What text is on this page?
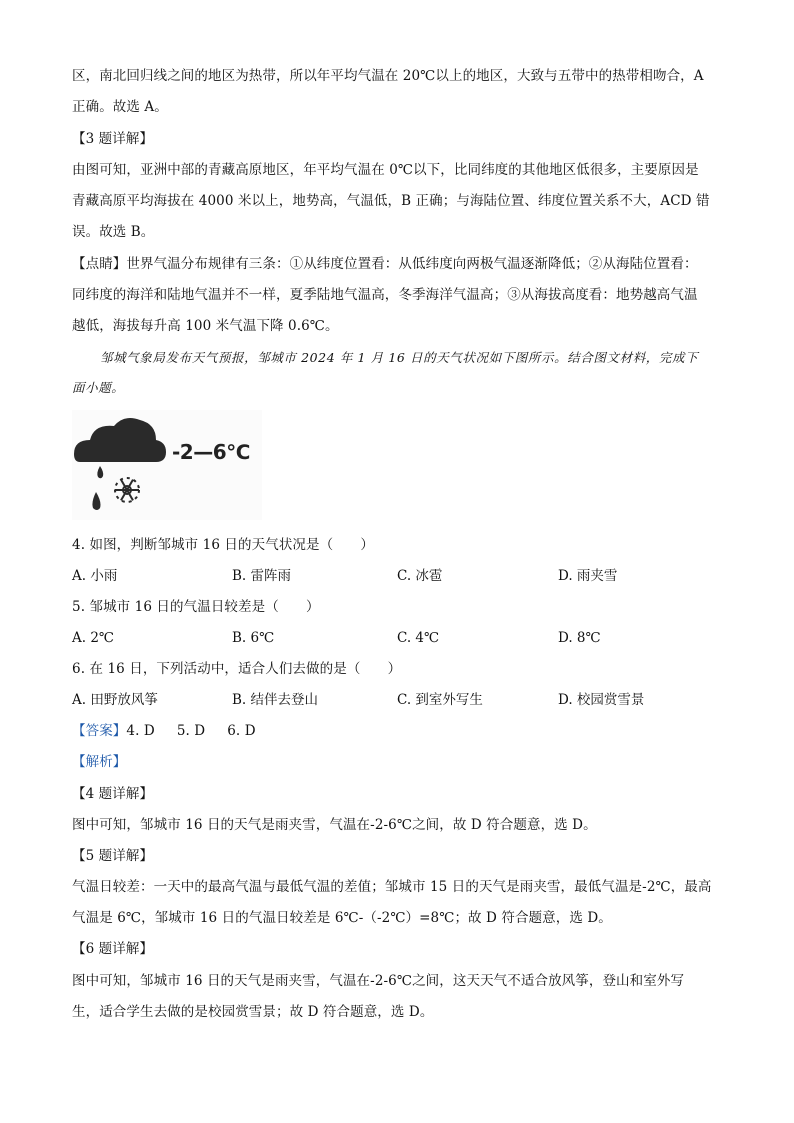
区，南北回归线之间的地区为热带，所以年平均气温在 20℃以上的地区，大致与五带中的热带相吻合，A
正确。故选 A。
【3 题详解】
由图可知，亚洲中部的青藏高原地区，年平均气温在 0℃以下，比同纬度的其他地区低很多，主要原因是
青藏高原平均海拔在 4000 米以上，地势高，气温低，B 正确；与海陆位置、纬度位置关系不大，ACD 错
误。故选 B。
【点睛】世界气温分布规律有三条：①从纬度位置看：从低纬度向两极气温逐渐降低；②从海陆位置看：
同纬度的海洋和陆地气温并不一样，夏季陆地气温高，冬季海洋气温高；③从海拔高度看：地势越高气温
越低，海拔每升高 100 米气温下降 0.6℃。
邹城气象局发布天气预报，邹城市 2024 年 1 月 16 日的天气状况如下图所示。结合图文材料，完成下
面小题。
-2—6℃
4. 如图，判断邹城市 16 日的天气状况是（　　）
A. 小雨	B. 雷阵雨	C. 冰雹	D. 雨夹雪
5. 邹城市 16 日的气温日较差是（　　）
A. 2℃	B. 6℃	C. 4℃	D. 8℃
6. 在 16 日，下列活动中，适合人们去做的是（　　）
A. 田野放风筝	B. 结伴去登山	C. 到室外写生	D. 校园赏雪景
【答案】4. D 5. D 6. D
【解析】
【4 题详解】
图中可知，邹城市 16 日的天气是雨夹雪，气温在-2-6℃之间，故 D 符合题意，选 D。
【5 题详解】
气温日较差：一天中的最高气温与最低气温的差值；邹城市 15 日的天气是雨夹雪，最低气温是-2℃，最高
气温是 6℃，邹城市 16 日的气温日较差是 6℃-（-2℃）=8℃；故 D 符合题意，选 D。
【6 题详解】
图中可知，邹城市 16 日的天气是雨夹雪，气温在-2-6℃之间，这天天气不适合放风筝，登山和室外写
生，适合学生去做的是校园赏雪景；故 D 符合题意，选 D。
